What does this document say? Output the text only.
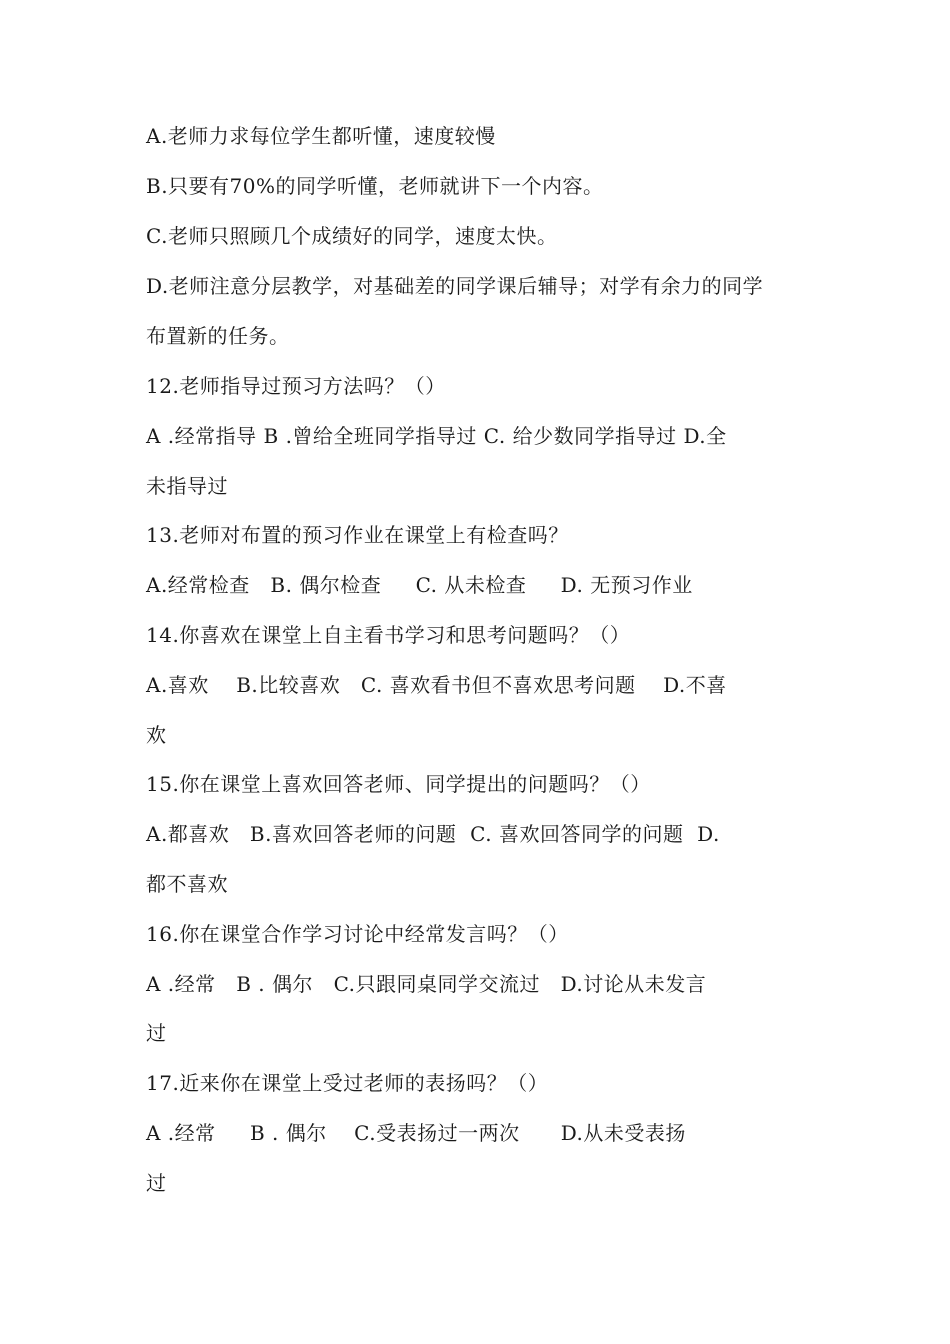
A.老师力求每位学生都听懂，速度较慢
B.只要有70%的同学听懂，老师就讲下一个内容。
C.老师只照顾几个成绩好的同学，速度太快。
D.老师注意分层教学，对基础差的同学课后辅导；对学有余力的同学
布置新的任务。
12.老师指导过预习方法吗？（）
A .经常指导 B .曾给全班同学指导过 C. 给少数同学指导过 D.全
未指导过
13.老师对布置的预习作业在课堂上有检查吗？
A.经常检查   B. 偶尔检查     C. 从未检查     D. 无预习作业
14.你喜欢在课堂上自主看书学习和思考问题吗？（）
A.喜欢    B.比较喜欢   C. 喜欢看书但不喜欢思考问题    D.不喜
欢
15.你在课堂上喜欢回答老师、同学提出的问题吗？（）
A.都喜欢   B.喜欢回答老师的问题  C. 喜欢回答同学的问题  D.
都不喜欢
16.你在课堂合作学习讨论中经常发言吗？（）
A .经常   B . 偶尔   C.只跟同桌同学交流过   D.讨论从未发言
过
17.近来你在课堂上受过老师的表扬吗？（）
A .经常     B . 偶尔    C.受表扬过一两次      D.从未受表扬
过
